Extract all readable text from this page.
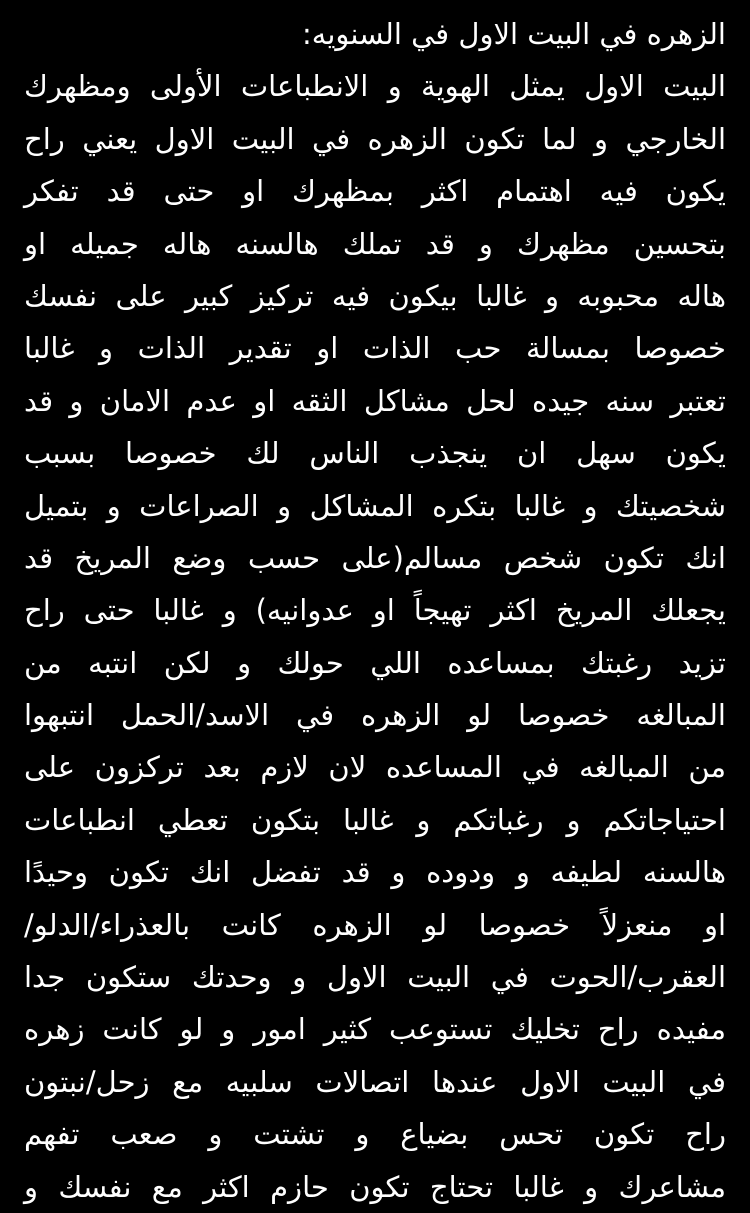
الزهره في البيت الاول في السنويه:
البيت الاول يمثل الهوية و الانطباعات الأولى ومظهرك
الخارجي و لما تكون الزهره في البيت الاول يعني راح
يكون فيه اهتمام اكثر بمظهرك او حتى قد تفكر
بتحسين مظهرك و قد تملك هالسنه هاله جميله او
هاله محبوبه و غالبا بيكون فيه تركيز كبير على نفسك
خصوصا بمسالة حب الذات او تقدير الذات و غالبا
تعتبر سنه جيده لحل مشاكل الثقه او عدم الامان و قد
يكون سهل ان ينجذب الناس لك خصوصا بسبب
شخصيتك و غالبا بتكره المشاكل و الصراعات و بتميل
انك تكون شخص مسالم(على حسب وضع المريخ قد
يجعلك المريخ اكثر تهيجاً او عدوانيه) و غالبا حتى راح
تزيد رغبتك بمساعده اللي حولك و لكن انتبه من
المبالغه خصوصا لو الزهره في الاسد/الحمل انتبهوا
من المبالغه في المساعده لان لازم بعد تركزون على
احتياجاتكم و رغباتكم و غالبا بتكون تعطي انطباعات
هالسنه لطيفه و ودوده و قد تفضل انك تكون وحيدًا
او منعزلاً خصوصا لو الزهره كانت بالعذراء/الدلو/
العقرب/الحوت في البيت الاول و وحدتك ستكون جدا
مفيده راح تخليك تستوعب كثير امور و لو كانت زهره
في البيت الاول عندها اتصالات سلبيه مع زحل/نبتون
راح تكون تحس بضياع و تشتت و صعب تفهم
مشاعرك و غالبا تحتاج تكون حازم اكثر مع نفسك و
